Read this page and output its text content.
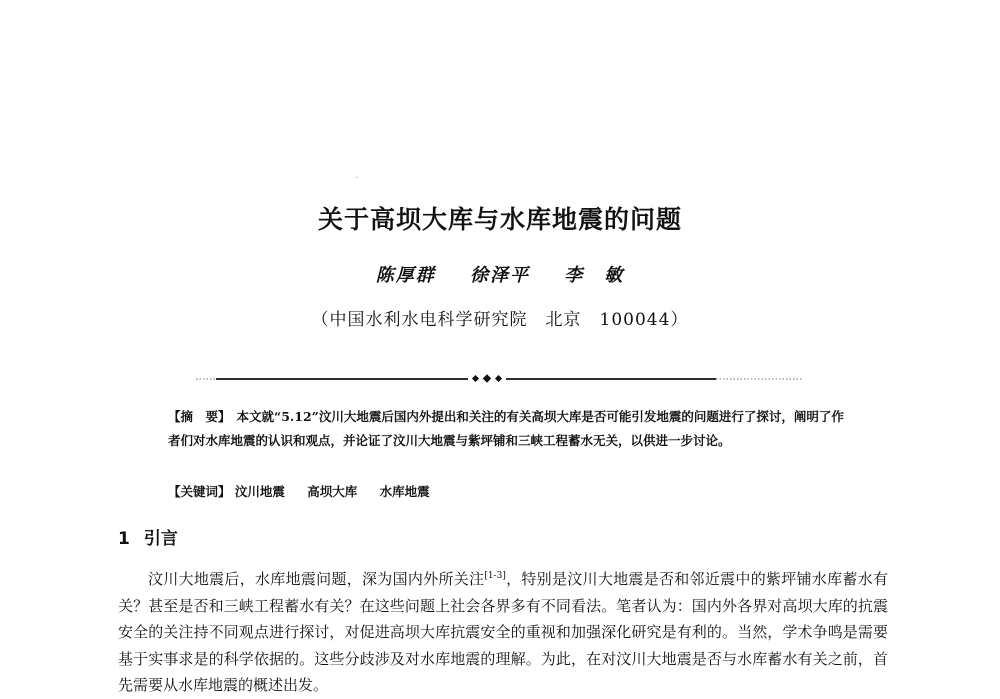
关于高坝大库与水库地震的问题
陈厚群 徐泽平 李　敏
（中国水利水电科学研究院　北京　100044）
【摘　要】 本文就“5.12”汶川大地震后国内外提出和关注的有关高坝大库是否可能引发地震的问题进行了探讨，阐明了作者们对水库地震的认识和观点，并论证了汶川大地震与紫坪铺和三峡工程蓄水无关，以供进一步讨论。
【关键词】 汶川地震 高坝大库 水库地震
1 引言

汶川大地震后，水库地震问题，深为国内外所关注[1-3]，特别是汶川大地震是否和邻近震中的紫坪铺水库蓄水有关？甚至是否和三峡工程蓄水有关？在这些问题上社会各界多有不同看法。笔者认为：国内外各界对高坝大库的抗震安全的关注持不同观点进行探讨，对促进高坝大库抗震安全的重视和加强深化研究是有利的。当然，学术争鸣是需要基于实事求是的科学依据的。这些分歧涉及对水库地震的理解。为此，在对汶川大地震是否与水库蓄水有关之前，首先需要从水库地震的概述出发。
